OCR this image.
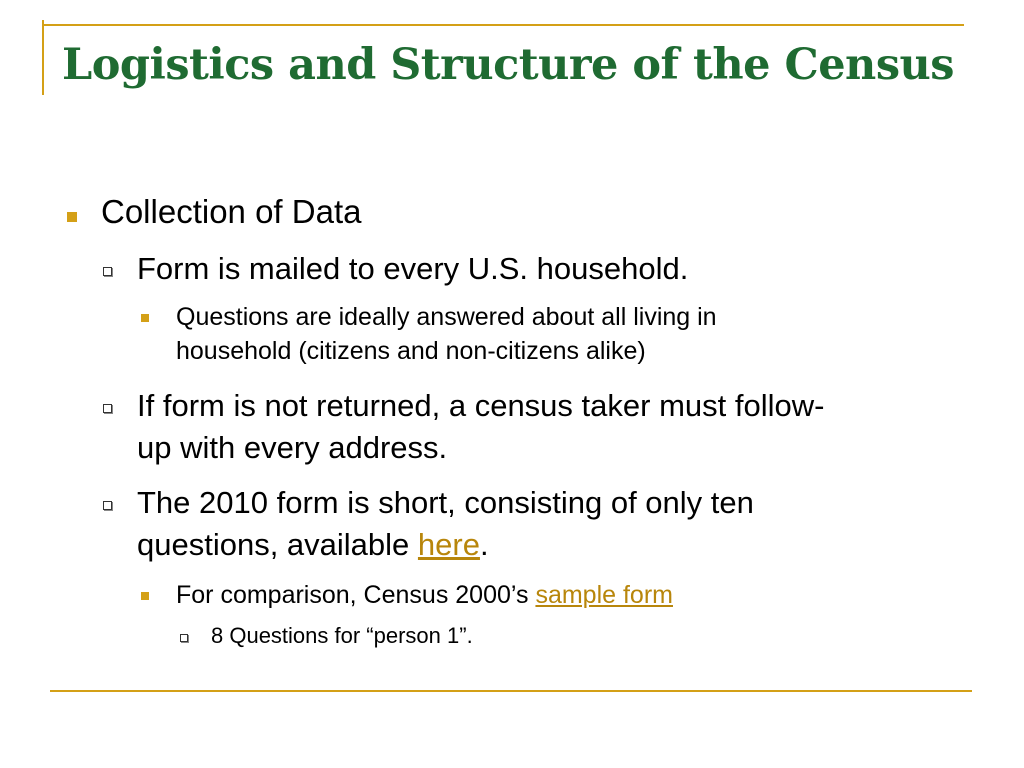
Logistics and Structure of the Census

Collection of Data

Form is mailed to every U.S. household.

Questions are ideally answered about all living in

household (citizens and non-citizens alike)

If form is not returned, a census taker must follow-

up with every address.

The 2010 form is short, consisting of only ten

questions, available here.

For comparison, Census 2000’s sample form

8 Questions for “person 1”.
